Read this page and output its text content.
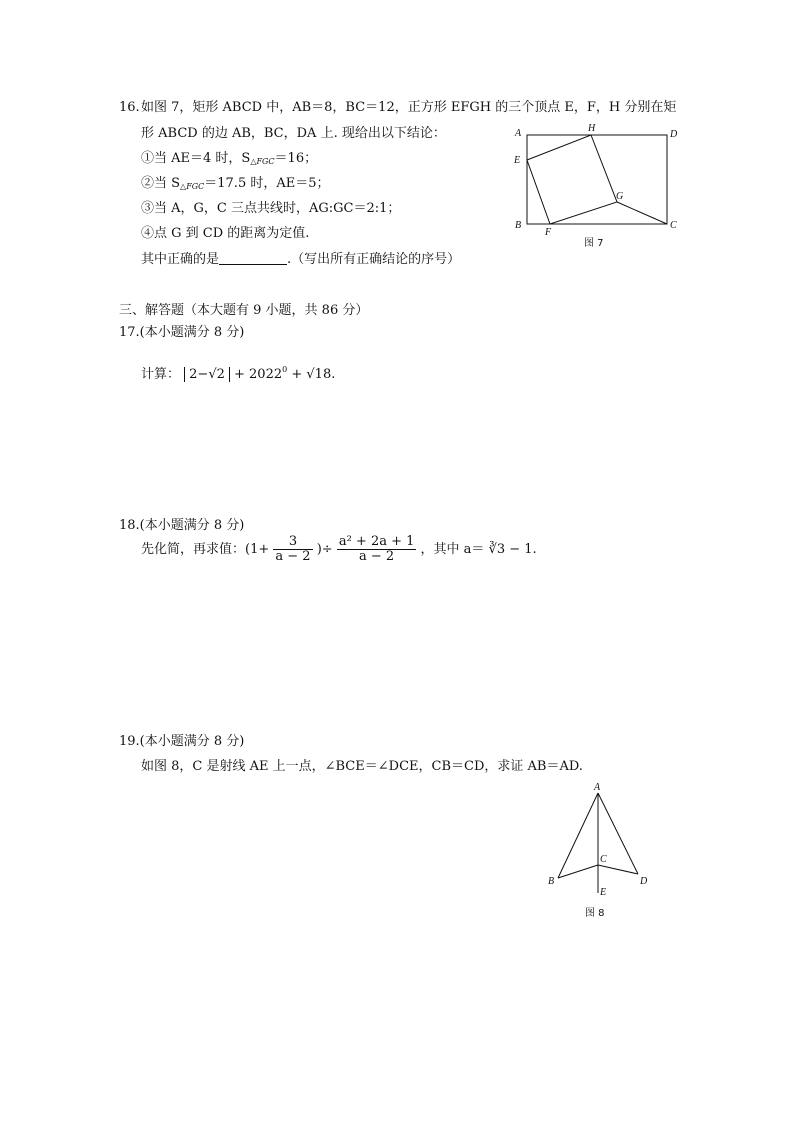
16. 如图 7，矩形 ABCD 中，AB＝8，BC＝12，正方形 EFGH 的三个顶点 E，F，H 分别在矩
形 ABCD 的边 AB，BC，DA 上. 现给出以下结论：
①当 AE＝4 时，$S_{\triangle FGC}=16$；
②当 $S_{\triangle FGC}=17.5$ 时，AE＝5；
③当 A，G，C 三点共线时，AG:GC＝2:1；
④点 G 到 CD 的距离为定值.
其中正确的是	.（写出所有正确结论的序号）
A	H
D
E
G
B
F
C
图 7
三、解答题（本大题有 9 小题，共 86 分）
17.(本小题满分 8 分)
计算： $2-√2 + 2022^0 + √18$.
18.(本小题满分 8 分)
先化简，再求值：($1+ \frac{3}{a - 2}$ )÷ $\frac{\text{a² + 2a + 1}}{a - 2}$ ，其中 a＝ ∛3 − 1.
19.(本小题满分 8 分)
如图 8，C 是射线 AE 上一点，∠BCE＝∠DCE，CB＝CD，求证 AB＝AD.
A
B
C
D
E
图 8
